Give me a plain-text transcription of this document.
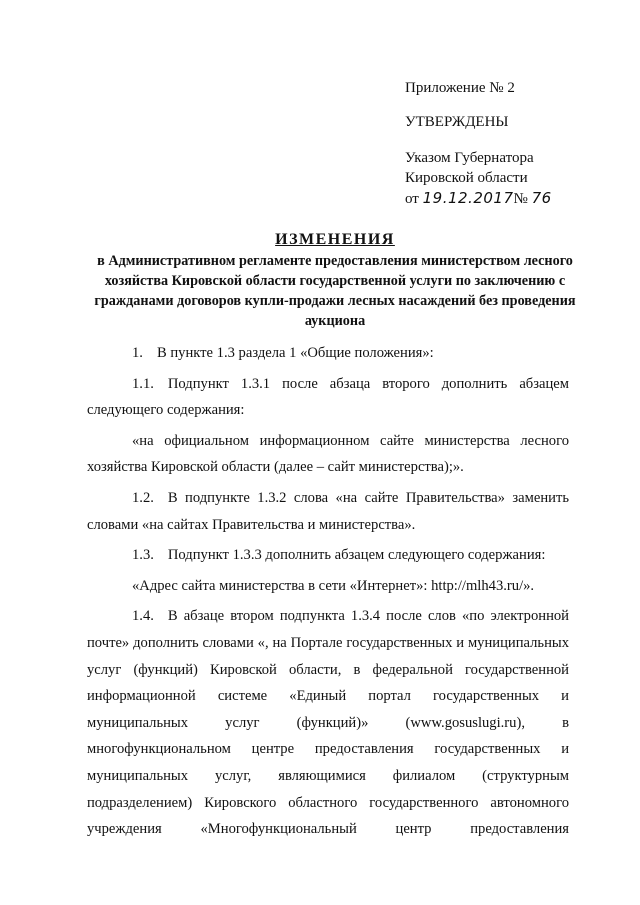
Приложение № 2
УТВЕРЖДЕНЫ
Указом Губернатора
Кировской области
от 19.12.2017№ 76
ИЗМЕНЕНИЯ
в Административном регламенте предоставления министерством лесного хозяйства Кировской области государственной услуги по заключению с гражданами договоров купли-продажи лесных насаждений без проведения аукциона

1. В пункте 1.3 раздела 1 «Общие положения»:

1.1. Подпункт 1.3.1 после абзаца второго дополнить абзацем следующего содержания:

«на официальном информационном сайте министерства лесного хозяйства Кировской области (далее – сайт министерства);».

1.2. В подпункте 1.3.2 слова «на сайте Правительства» заменить словами «на сайтах Правительства и министерства».

1.3. Подпункт 1.3.3 дополнить абзацем следующего содержания:

«Адрес сайта министерства в сети «Интернет»: http://mlh43.ru/».

1.4. В абзаце втором подпункта 1.3.4 после слов «по электронной почте» дополнить словами «, на Портале государственных и муниципальных услуг (функций) Кировской области, в федеральной государственной информационной системе «Единый портал государственных и муниципальных услуг (функций)» (www.gosuslugi.ru), в многофункциональном центре предоставления государственных и муниципальных услуг, являющимися филиалом (структурным подразделением) Кировского областного государственного автономного учреждения «Многофункциональный центр предоставления
